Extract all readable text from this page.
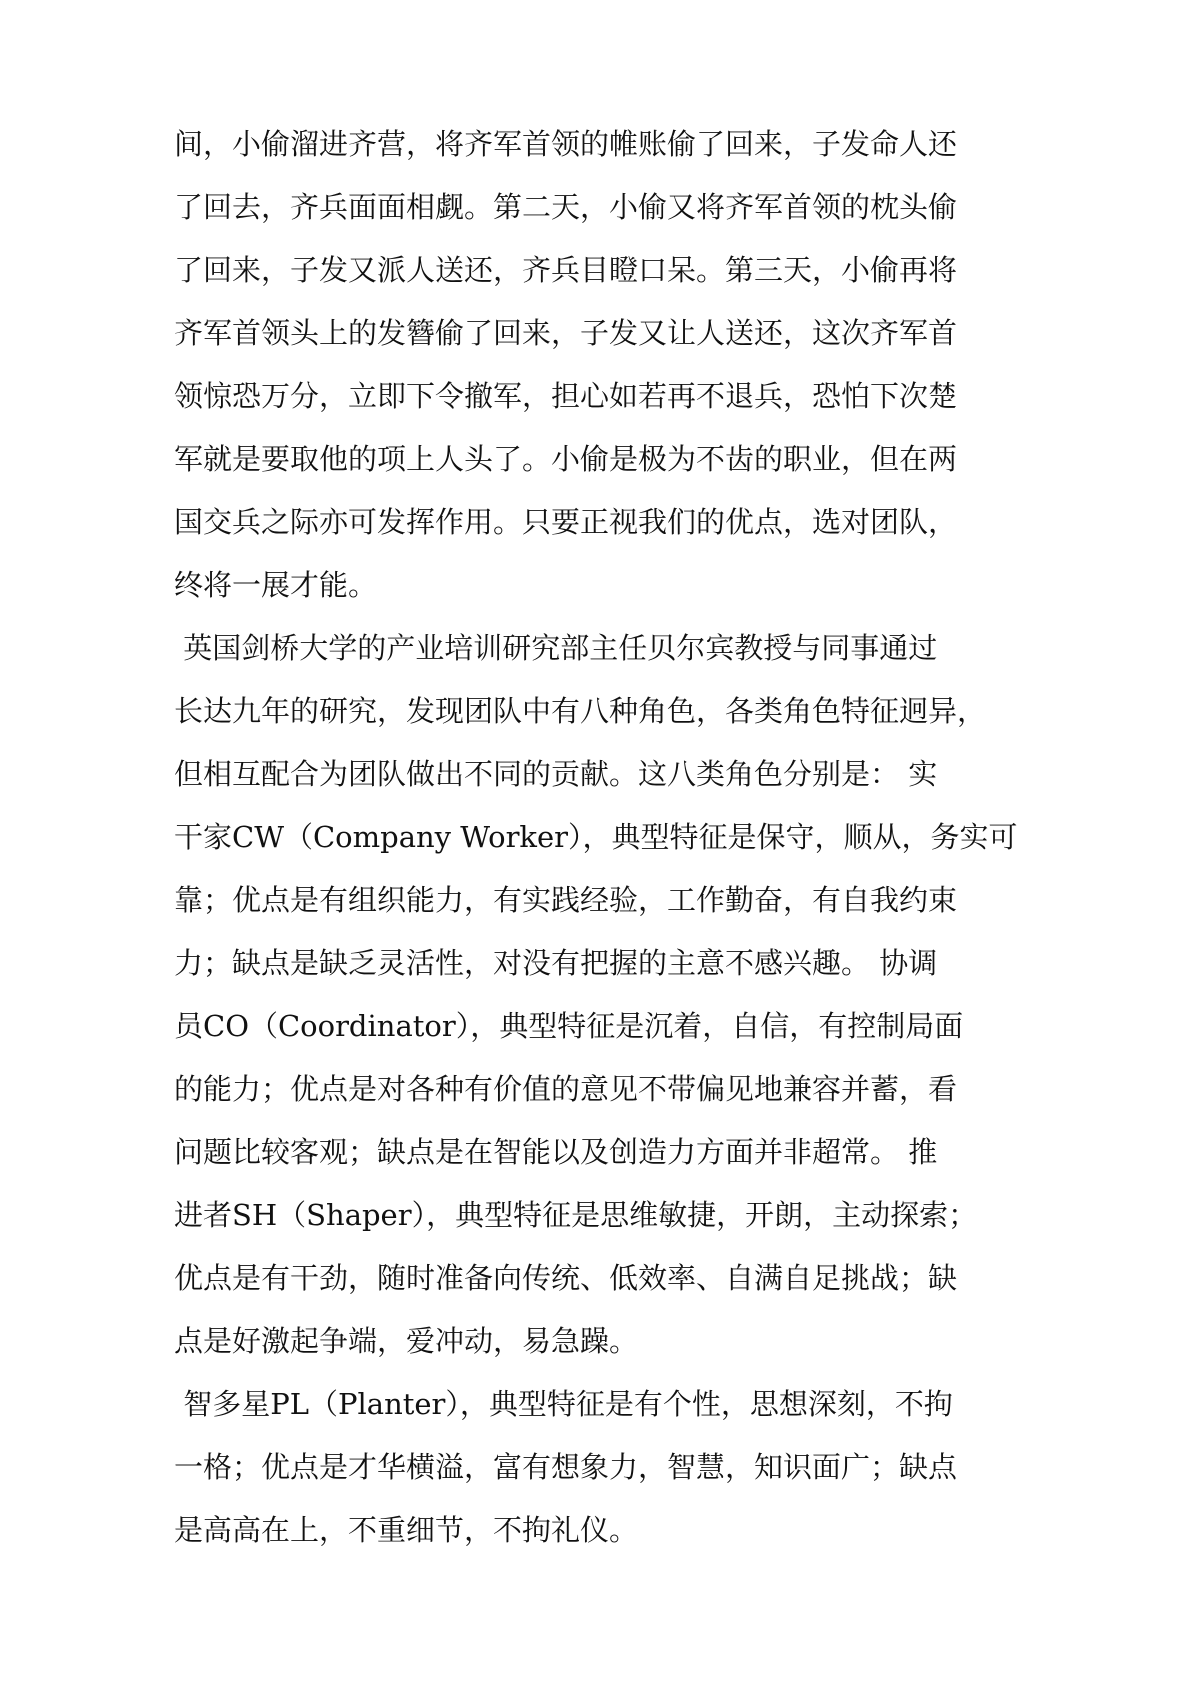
间，小偷溜进齐营，将齐军首领的帷账偷了回来，子发命人还
了回去，齐兵面面相觑。第二天，小偷又将齐军首领的枕头偷
了回来，子发又派人送还，齐兵目瞪口呆。第三天，小偷再将
齐军首领头上的发簪偷了回来，子发又让人送还，这次齐军首
领惊恐万分，立即下令撤军，担心如若再不退兵，恐怕下次楚
军就是要取他的项上人头了。小偷是极为不齿的职业，但在两
国交兵之际亦可发挥作用。只要正视我们的优点，选对团队，
终将一展才能。
英国剑桥大学的产业培训研究部主任贝尔宾教授与同事通过
长达九年的研究，发现团队中有八种角色，各类角色特征迥异，
但相互配合为团队做出不同的贡献。这八类角色分别是： 实
干家CW（Company Worker），典型特征是保守，顺从，务实可
靠；优点是有组织能力，有实践经验，工作勤奋，有自我约束
力；缺点是缺乏灵活性，对没有把握的主意不感兴趣。 协调
员CO（Coordinator），典型特征是沉着，自信，有控制局面
的能力；优点是对各种有价值的意见不带偏见地兼容并蓄，看
问题比较客观；缺点是在智能以及创造力方面并非超常。 推
进者SH（Shaper），典型特征是思维敏捷，开朗，主动探索；
优点是有干劲，随时准备向传统、低效率、自满自足挑战；缺
点是好激起争端，爱冲动，易急躁。
智多星PL（Planter），典型特征是有个性，思想深刻，不拘
一格；优点是才华横溢，富有想象力，智慧，知识面广；缺点
是高高在上，不重细节，不拘礼仪。
